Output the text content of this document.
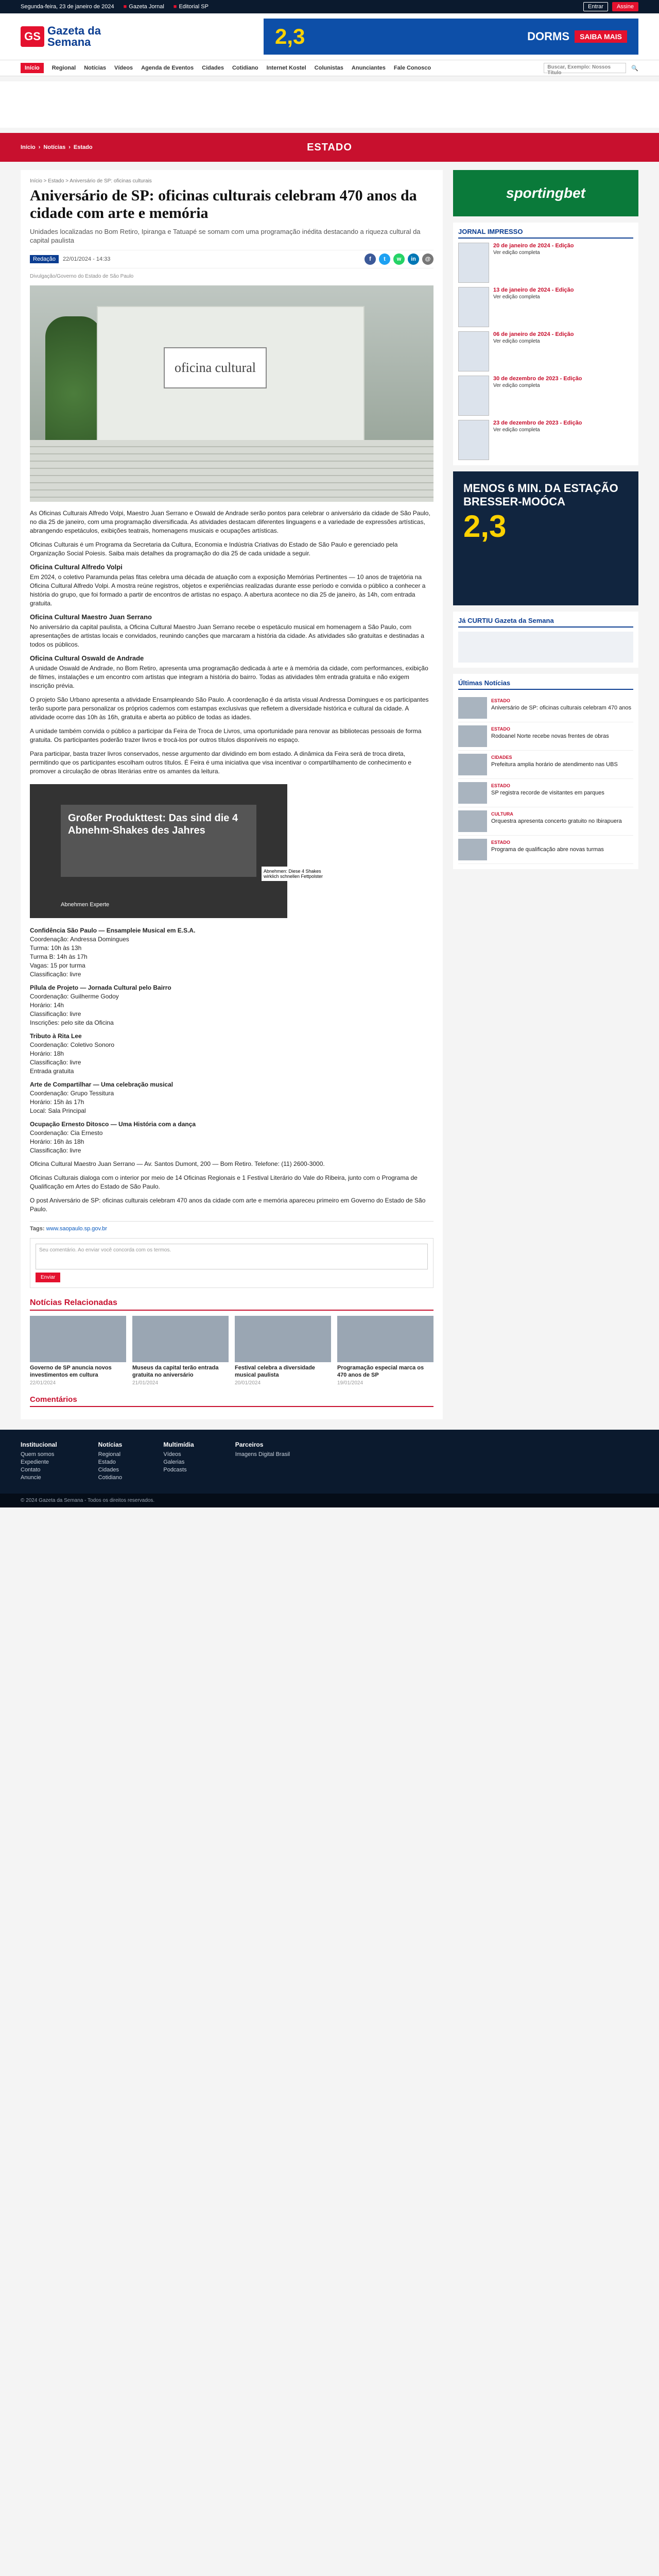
Segunda-feira, 23 de janeiro de 2024 ■ Gazeta Jornal ■ Editorial SP	Entrar	Assine
GS Gazeta da
Semana	2,3	DORMS	SAIBA MAIS
Início	Regional Notícias Vídeos Agenda de Eventos Cidades Cotidiano Internet Kostel Colunistas Anunciantes Fale Conosco	Buscar, Exemplo: Nossos Título
🔍
Início › Notícias › Estado	ESTADO
Início > Estado > Aniversário de SP: oficinas culturais
Aniversário de SP: oficinas culturais celebram 470 anos da cidade com arte e memória
Unidades localizadas no Bom Retiro, Ipiranga e Tatuapé se somam com uma programação inédita destacando a riqueza cultural da capital paulista
Redação	22/01/2024 - 14:33	f	t	w	in	@
Divulgação/Governo do Estado de São Paulo
oficina cultural

As Oficinas Culturais Alfredo Volpi, Maestro Juan Serrano e Oswald de Andrade serão pontos para celebrar o aniversário da cidade de São Paulo, no dia 25 de janeiro, com uma programação diversificada. As atividades destacam diferentes linguagens e a variedade de expressões artísticas, abrangendo espetáculos, exibições teatrais, homenagens musicais e ocupações artísticas.

Oficinas Culturais é um Programa da Secretaria da Cultura, Economia e Indústria Criativas do Estado de São Paulo e gerenciado pela Organização Social Poiesis. Saiba mais detalhes da programação do dia 25 de cada unidade a seguir.

Oficina Cultural Alfredo Volpi

Em 2024, o coletivo Paramunda pelas fitas celebra uma década de atuação com a exposição Memórias Pertinentes — 10 anos de trajetória na Oficina Cultural Alfredo Volpi. A mostra reúne registros, objetos e experiências realizadas durante esse período e convida o público a conhecer a história do grupo, que foi formado a partir de encontros de artistas no espaço. A abertura acontece no dia 25 de janeiro, às 14h, com entrada gratuita.

Oficina Cultural Maestro Juan Serrano

No aniversário da capital paulista, a Oficina Cultural Maestro Juan Serrano recebe o espetáculo musical em homenagem a São Paulo, com apresentações de artistas locais e convidados, reunindo canções que marcaram a história da cidade. As atividades são gratuitas e destinadas a todos os públicos.

Oficina Cultural Oswald de Andrade

A unidade Oswald de Andrade, no Bom Retiro, apresenta uma programação dedicada à arte e à memória da cidade, com performances, exibição de filmes, instalações e um encontro com artistas que integram a história do bairro. Todas as atividades têm entrada gratuita e não exigem inscrição prévia.

O projeto São Urbano apresenta a atividade Ensampleando São Paulo. A coordenação é da artista visual Andressa Domingues e os participantes terão suporte para personalizar os próprios cadernos com estampas exclusivas que refletem a diversidade histórica e cultural da cidade. A atividade ocorre das 10h às 16h, gratuita e aberta ao público de todas as idades.

A unidade também convida o público a participar da Feira de Troca de Livros, uma oportunidade para renovar as bibliotecas pessoais de forma gratuita. Os participantes poderão trazer livros e trocá-los por outros títulos disponíveis no espaço.

Para participar, basta trazer livros conservados, nesse argumento dar dividindo em bom estado. A dinâmica da Feira será de troca direta, permitindo que os participantes escolham outros títulos. É Feira é uma iniciativa que visa incentivar o compartilhamento de conhecimento e promover a circulação de obras literárias entre os amantes da leitura.

Großer Produkttest: Das sind die 4 Abnehm-Shakes des Jahres
Abnehmen Experte
Abnehmen: Diese 4 Shakes wirklich schnellen Fettpolster
Confidência São Paulo — Ensampleie Musical em E.S.A.
Coordenação: Andressa Domingues
Turma: 10h às 13h
Turma B: 14h às 17h
Vagas: 15 por turma
Classificação: livre
Pílula de Projeto — Jornada Cultural pelo Bairro
Coordenação: Guilherme Godoy
Horário: 14h
Classificação: livre
Inscrições: pelo site da Oficina
Tributo à Rita Lee
Coordenação: Coletivo Sonoro
Horário: 18h
Classificação: livre
Entrada gratuita
Arte de Compartilhar — Uma celebração musical
Coordenação: Grupo Tessitura
Horário: 15h às 17h
Local: Sala Principal
Ocupação Ernesto Ditosco — Uma História com a dança
Coordenação: Cia Ernesto
Horário: 16h às 18h
Classificação: livre

Oficina Cultural Maestro Juan Serrano — Av. Santos Dumont, 200 — Bom Retiro. Telefone: (11) 2600-3000.

Oficinas Culturais dialoga com o interior por meio de 14 Oficinas Regionais e 1 Festival Literário do Vale do Ribeira, junto com o Programa de Qualificação em Artes do Estado de São Paulo.

O post Aniversário de SP: oficinas culturais celebram 470 anos da cidade com arte e memória apareceu primeiro em Governo do Estado de São Paulo.

Tags: www.saopaulo.sp.gov.br
Seu comentário. Ao enviar você concorda com os termos.
Enviar
Notícias Relacionadas
Governo de SP anuncia novos investimentos em cultura
22/01/2024
Museus da capital terão entrada gratuita no aniversário
21/01/2024
Festival celebra a diversidade musical paulista
20/01/2024
Programação especial marca os 470 anos de SP
19/01/2024
Comentários
sportingbet
JORNAL IMPRESSO
20 de janeiro de 2024 - Edição
Ver edição completa
13 de janeiro de 2024 - Edição
Ver edição completa
06 de janeiro de 2024 - Edição
Ver edição completa
30 de dezembro de 2023 - Edição
Ver edição completa
23 de dezembro de 2023 - Edição
Ver edição completa
MENOS 6 MIN. DA ESTAÇÃO BRESSER-MOÓCA
2,3
Já CURTIU Gazeta da Semana
Últimas Notícias
ESTADO
Aniversário de SP: oficinas culturais celebram 470 anos
ESTADO
Rodoanel Norte recebe novas frentes de obras
CIDADES
Prefeitura amplia horário de atendimento nas UBS
ESTADO
SP registra recorde de visitantes em parques
CULTURA
Orquestra apresenta concerto gratuito no Ibirapuera
ESTADO
Programa de qualificação abre novas turmas
Institucional
Quem somos
Expediente
Contato
Anuncie
Notícias
Regional
Estado
Cidades
Cotidiano
Multimídia
Vídeos
Galerias
Podcasts
Parceiros
Imagens Digital Brasil
© 2024 Gazeta da Semana - Todos os direitos reservados.
